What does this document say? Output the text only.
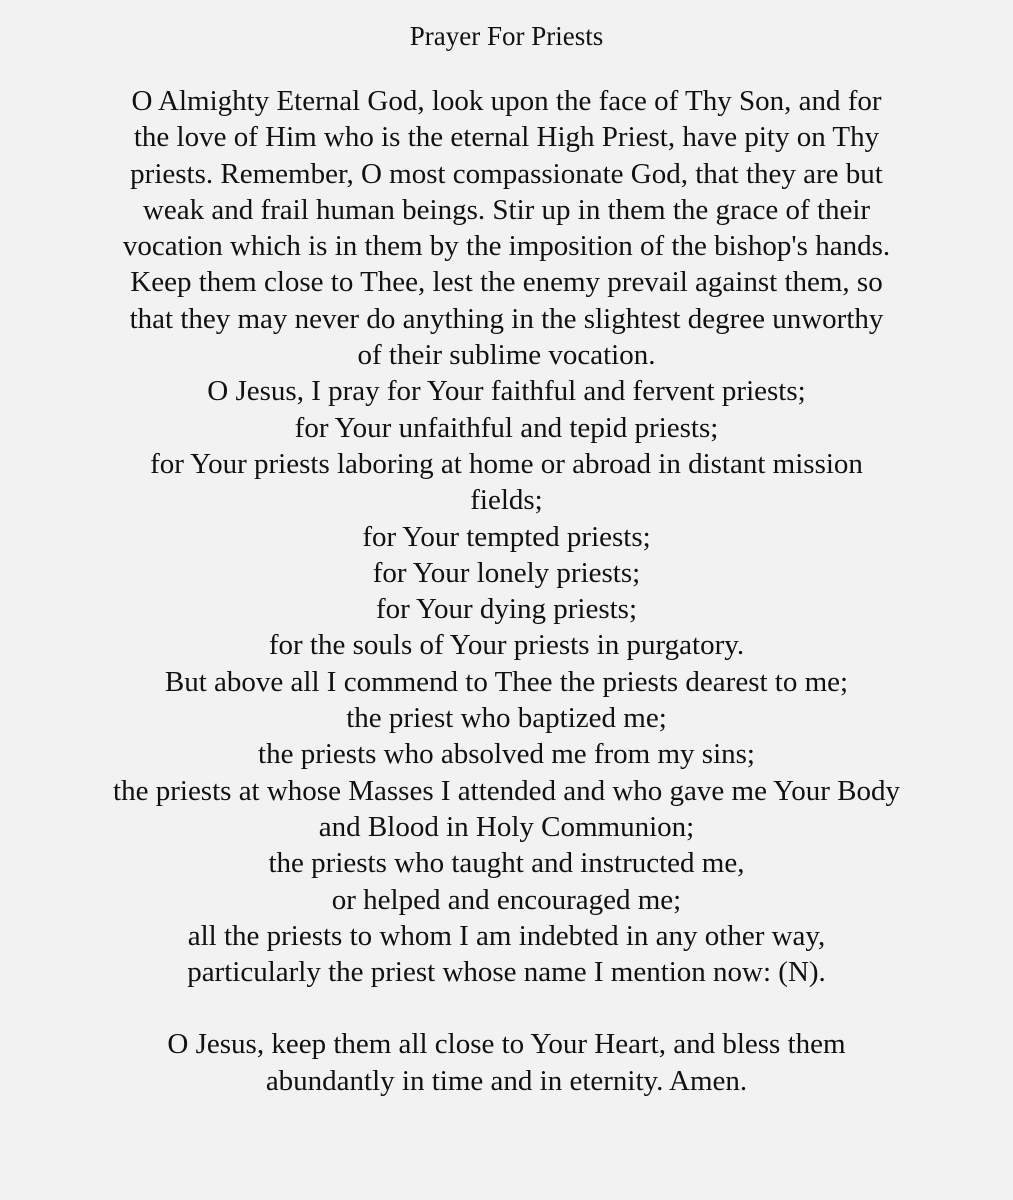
Prayer For Priests
O Almighty Eternal God, look upon the face of Thy Son, and for
the love of Him who is the eternal High Priest, have pity on Thy
priests. Remember, O most compassionate God, that they are but
weak and frail human beings. Stir up in them the grace of their
vocation which is in them by the imposition of the bishop's hands.
Keep them close to Thee, lest the enemy prevail against them, so
that they may never do anything in the slightest degree unworthy
of their sublime vocation.
O Jesus, I pray for Your faithful and fervent priests;
for Your unfaithful and tepid priests;
for Your priests laboring at home or abroad in distant mission
fields;
for Your tempted priests;
for Your lonely priests;
for Your dying priests;
for the souls of Your priests in purgatory.
But above all I commend to Thee the priests dearest to me;
the priest who baptized me;
the priests who absolved me from my sins;
the priests at whose Masses I attended and who gave me Your Body
and Blood in Holy Communion;
the priests who taught and instructed me,
or helped and encouraged me;
all the priests to whom I am indebted in any other way,
particularly the priest whose name I mention now: (N).
O Jesus, keep them all close to Your Heart, and bless them
abundantly in time and in eternity. Amen.
